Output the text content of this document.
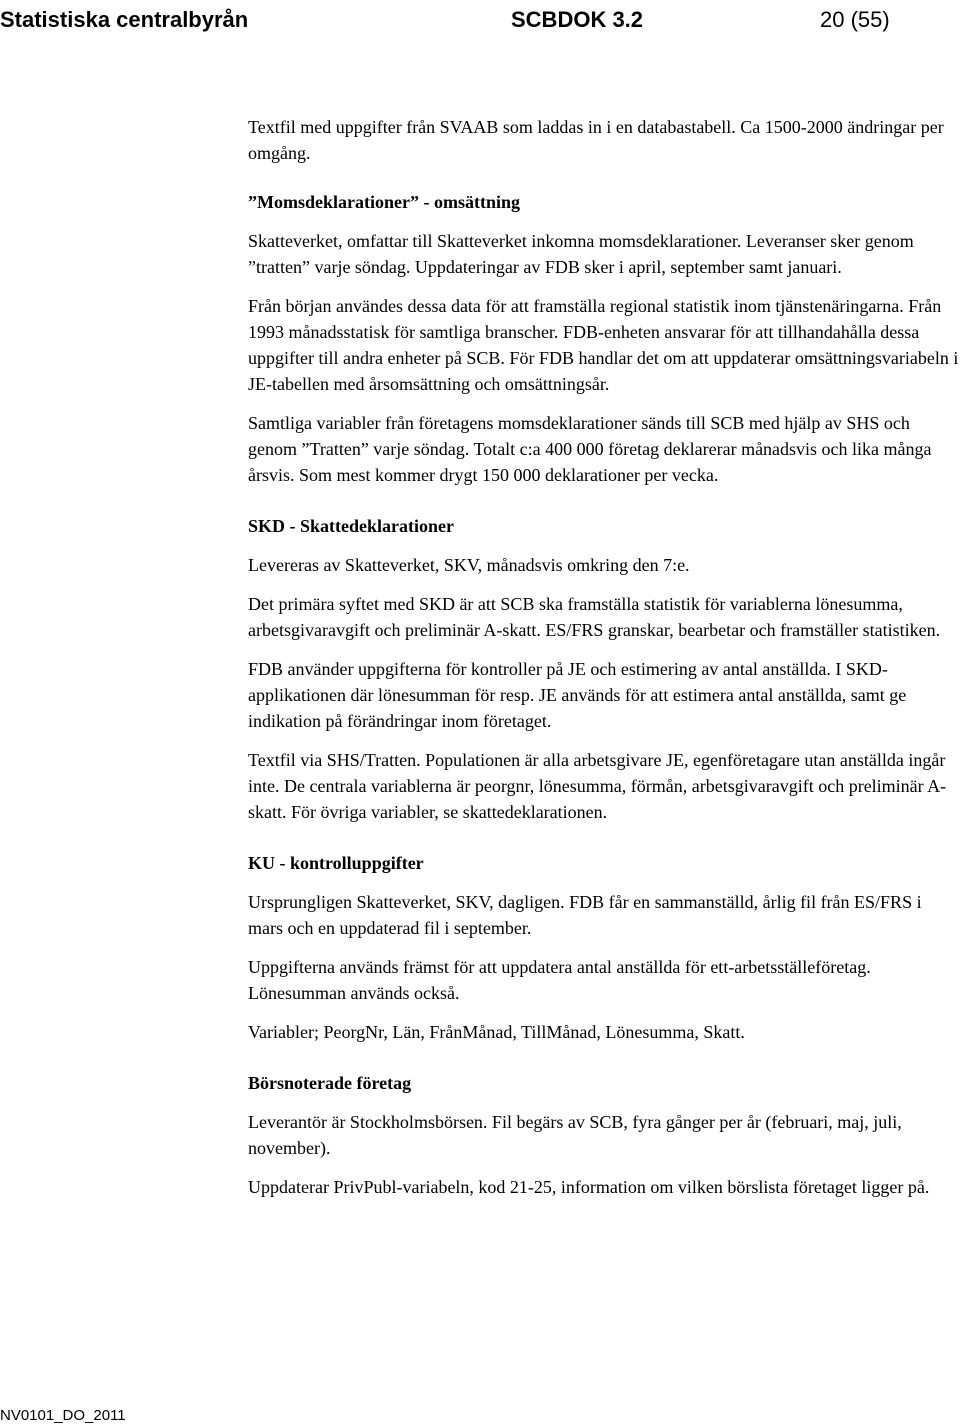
Statistiska centralbyrån	SCBDOK 3.2	20 (55)

Textfil med uppgifter från SVAAB som laddas in i en databastabell. Ca 1500-2000 ändringar per omgång.

”Momsdeklarationer” - omsättning

Skatteverket, omfattar till Skatteverket inkomna momsdeklarationer. Leveranser sker genom ”tratten” varje söndag. Uppdateringar av FDB sker i april, september samt januari.

Från början användes dessa data för att framställa regional statistik inom tjänstenäringarna. Från 1993 månadsstatisk för samtliga branscher. FDB-enheten ansvarar för att tillhandahålla dessa uppgifter till andra enheter på SCB. För FDB handlar det om att uppdaterar omsättningsvariabeln i JE-tabellen med årsomsättning och omsättningsår.

Samtliga variabler från företagens momsdeklarationer sänds till SCB med hjälp av SHS och genom ”Tratten” varje söndag. Totalt c:a 400 000 företag deklarerar månadsvis och lika många årsvis. Som mest kommer drygt 150 000 deklarationer per vecka.

SKD - Skattedeklarationer

Levereras av Skatteverket, SKV, månadsvis omkring den 7:e.

Det primära syftet med SKD är att SCB ska framställa statistik för variablerna lönesumma, arbetsgivaravgift och preliminär A-skatt. ES/FRS granskar, bearbetar och framställer statistiken.

FDB använder uppgifterna för kontroller på JE och estimering av antal anställda. I SKD-applikationen där lönesumman för resp. JE används för att estimera antal anställda, samt ge indikation på förändringar inom företaget.

Textfil via SHS/Tratten. Populationen är alla arbetsgivare JE, egenföretagare utan anställda ingår inte. De centrala variablerna är peorgnr, lönesumma, förmån, arbetsgivaravgift och preliminär A-skatt. För övriga variabler, se skattedeklarationen.

KU - kontrolluppgifter

Ursprungligen Skatteverket, SKV, dagligen. FDB får en sammanställd, årlig fil från ES/FRS i mars och en uppdaterad fil i september.

Uppgifterna används främst för att uppdatera antal anställda för ett-arbetsställeföretag. Lönesumman används också.

Variabler; PeorgNr, Län, FrånMånad, TillMånad, Lönesumma, Skatt.

Börsnoterade företag

Leverantör är Stockholmsbörsen. Fil begärs av SCB, fyra gånger per år (februari, maj, juli, november).

Uppdaterar PrivPubl-variabeln, kod 21-25, information om vilken börslista företaget ligger på.

NV0101_DO_2011
